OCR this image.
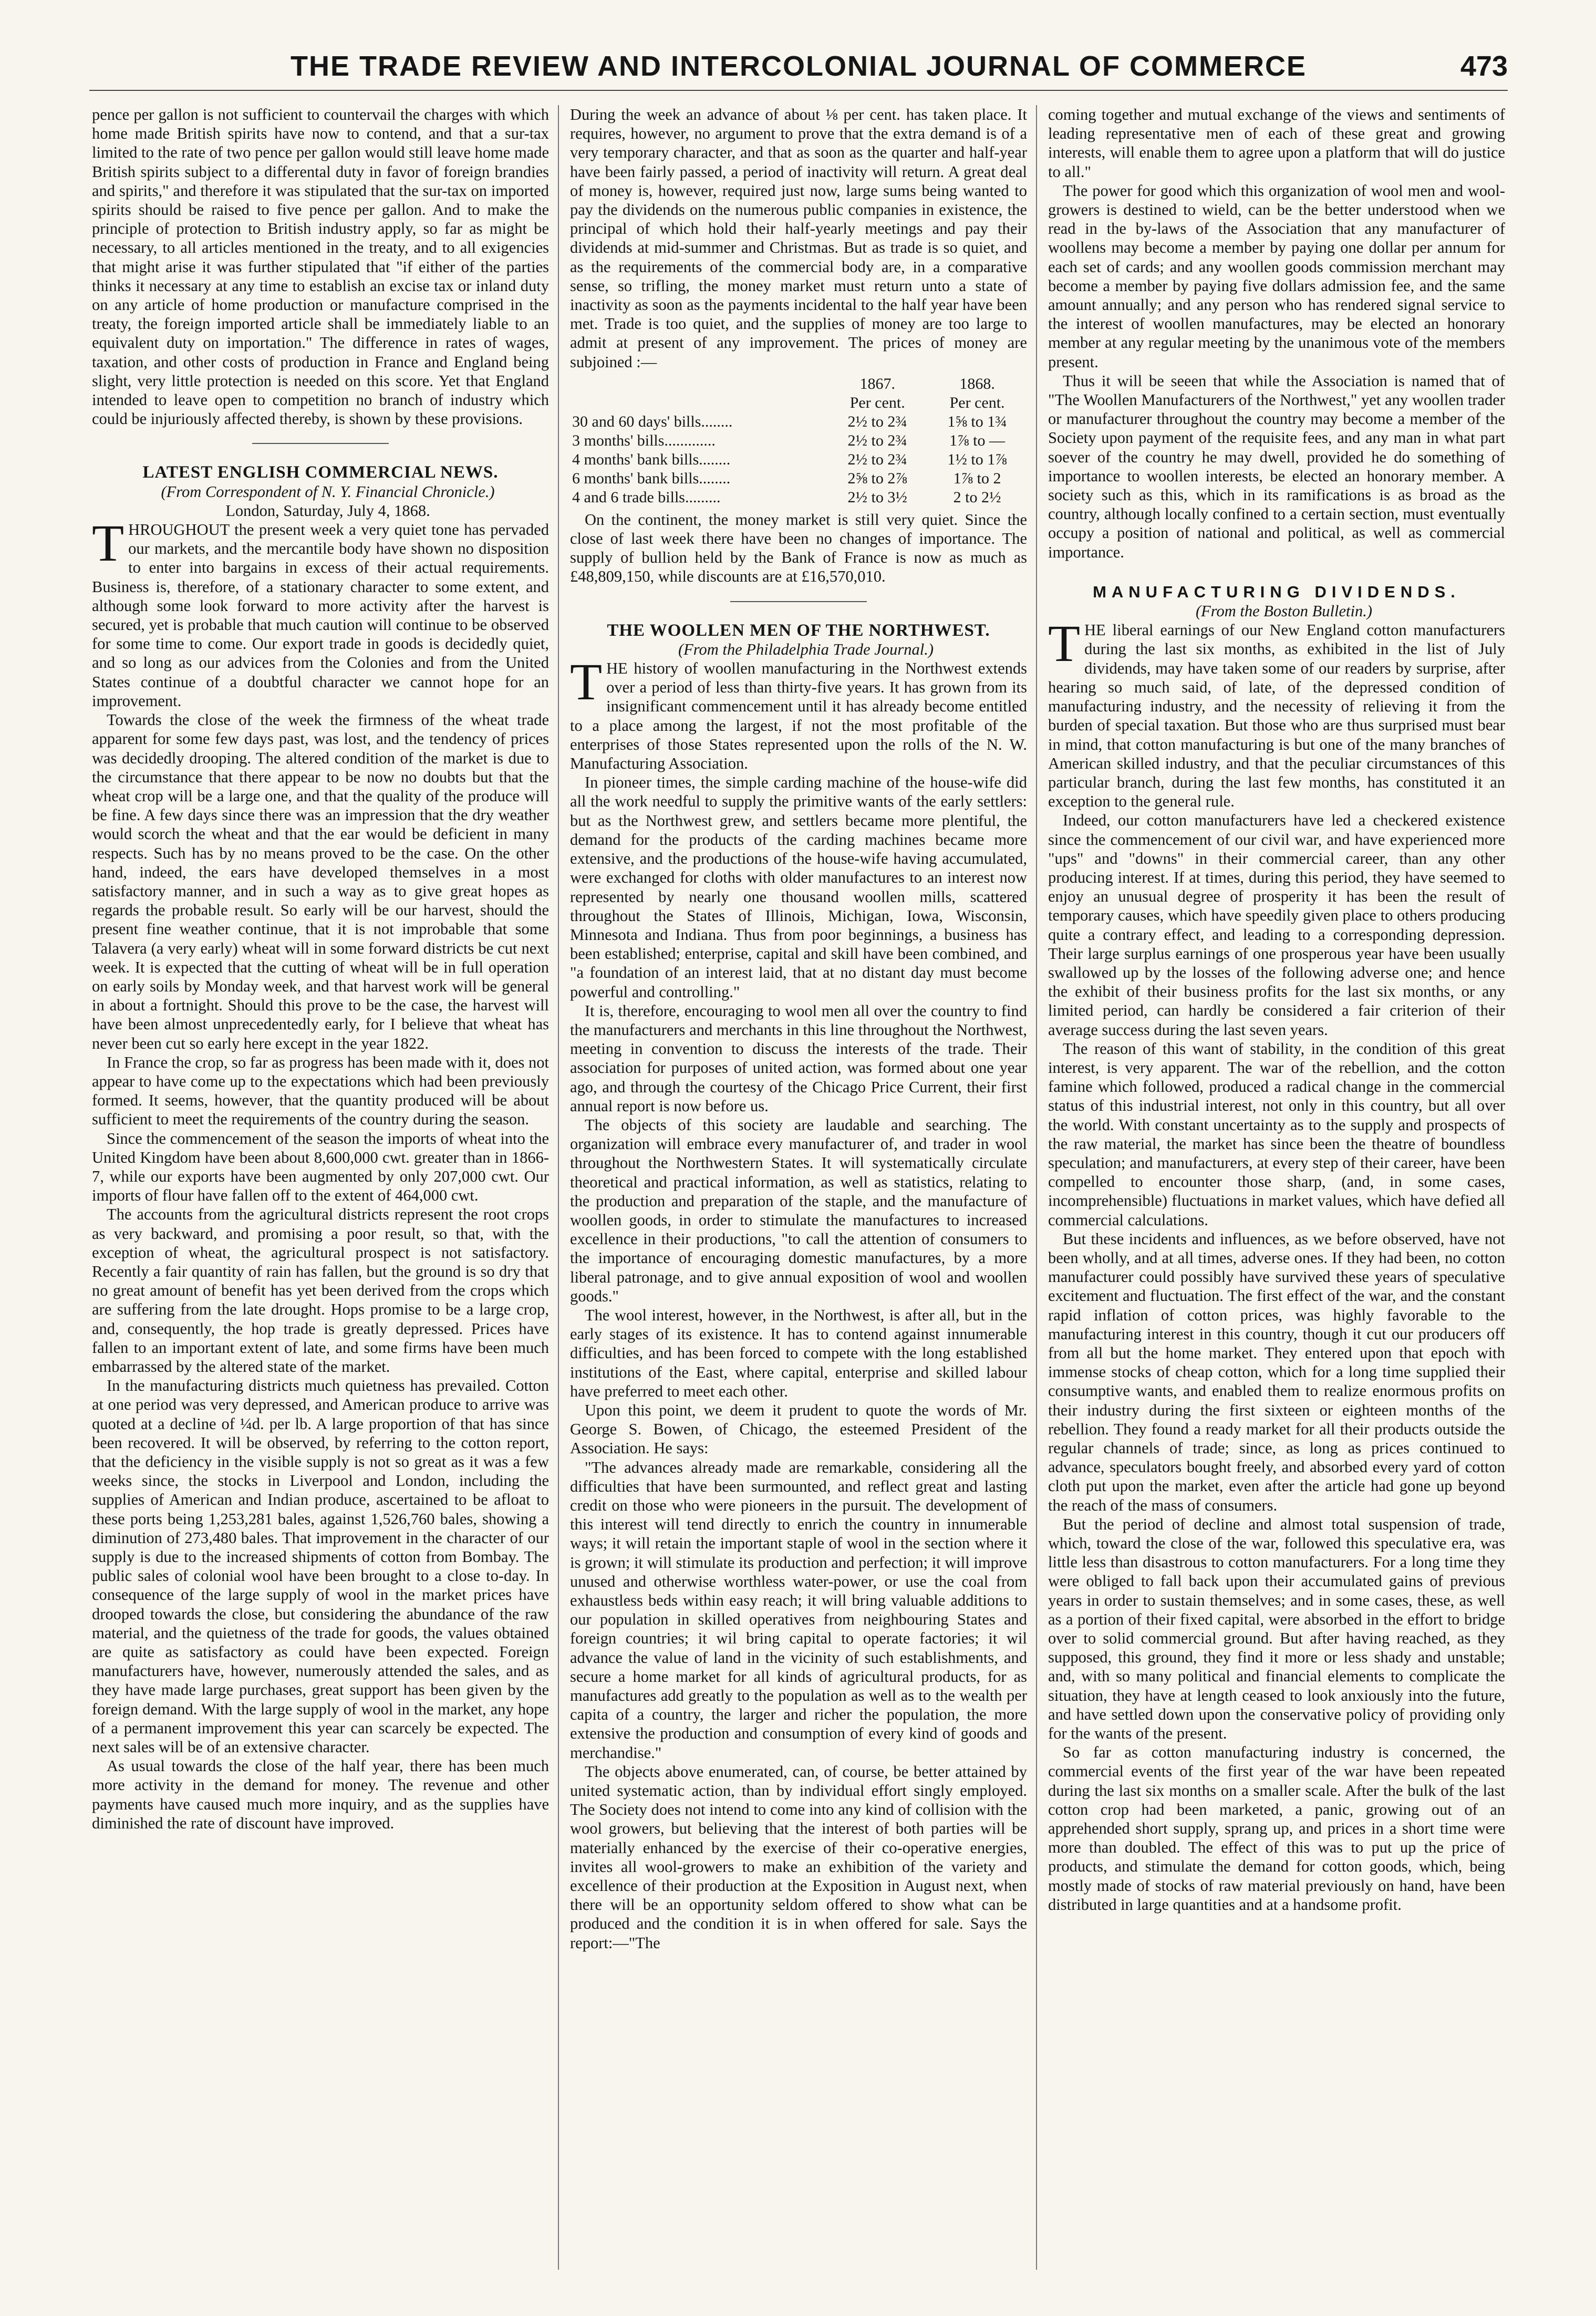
THE TRADE REVIEW AND INTERCOLONIAL JOURNAL OF COMMERCE	473

pence per gallon is not sufficient to countervail the charges with which home made British spirits have now to contend, and that a sur-tax limited to the rate of two pence per gallon would still leave home made British spirits subject to a differental duty in favor of foreign brandies and spirits," and therefore it was stipulated that the sur-tax on imported spirits should be raised to five pence per gallon. And to make the principle of protection to British industry apply, so far as might be necessary, to all articles mentioned in the treaty, and to all exigencies that might arise it was further stipulated that "if either of the parties thinks it necessary at any time to establish an excise tax or inland duty on any article of home production or manufacture comprised in the treaty, the foreign imported article shall be immediately liable to an equivalent duty on importation." The difference in rates of wages, taxation, and other costs of production in France and England being slight, very little protection is needed on this score. Yet that England intended to leave open to competition no branch of industry which could be injuriously affected thereby, is shown by these provisions.

LATEST ENGLISH COMMERCIAL NEWS.

(From Correspondent of N. Y. Financial Chronicle.)

London, Saturday, July 4, 1868.

THROUGHOUT the present week a very quiet tone has pervaded our markets, and the mercantile body have shown no disposition to enter into bargains in excess of their actual requirements. Business is, therefore, of a stationary character to some extent, and although some look forward to more activity after the harvest is secured, yet is probable that much caution will continue to be observed for some time to come. Our export trade in goods is decidedly quiet, and so long as our advices from the Colonies and from the United States continue of a doubtful character we cannot hope for an improvement.

Towards the close of the week the firmness of the wheat trade apparent for some few days past, was lost, and the tendency of prices was decidedly drooping. The altered condition of the market is due to the circumstance that there appear to be now no doubts but that the wheat crop will be a large one, and that the quality of the produce will be fine. A few days since there was an impression that the dry weather would scorch the wheat and that the ear would be deficient in many respects. Such has by no means proved to be the case. On the other hand, indeed, the ears have developed themselves in a most satisfactory manner, and in such a way as to give great hopes as regards the probable result. So early will be our harvest, should the present fine weather continue, that it is not improbable that some Talavera (a very early) wheat will in some forward districts be cut next week. It is expected that the cutting of wheat will be in full operation on early soils by Monday week, and that harvest work will be general in about a fortnight. Should this prove to be the case, the harvest will have been almost unprecedentedly early, for I believe that wheat has never been cut so early here except in the year 1822.

In France the crop, so far as progress has been made with it, does not appear to have come up to the expectations which had been previously formed. It seems, however, that the quantity produced will be about sufficient to meet the requirements of the country during the season.

Since the commencement of the season the imports of wheat into the United Kingdom have been about 8,600,000 cwt. greater than in 1866-7, while our exports have been augmented by only 207,000 cwt. Our imports of flour have fallen off to the extent of 464,000 cwt.

The accounts from the agricultural districts represent the root crops as very backward, and promising a poor result, so that, with the exception of wheat, the agricultural prospect is not satisfactory. Recently a fair quantity of rain has fallen, but the ground is so dry that no great amount of benefit has yet been derived from the crops which are suffering from the late drought. Hops promise to be a large crop, and, consequently, the hop trade is greatly depressed. Prices have fallen to an important extent of late, and some firms have been much embarrassed by the altered state of the market.

In the manufacturing districts much quietness has prevailed. Cotton at one period was very depressed, and American produce to arrive was quoted at a decline of ¼d. per lb. A large proportion of that has since been recovered. It will be observed, by referring to the cotton report, that the deficiency in the visible supply is not so great as it was a few weeks since, the stocks in Liverpool and London, including the supplies of American and Indian produce, ascertained to be afloat to these ports being 1,253,281 bales, against 1,526,760 bales, showing a diminution of 273,480 bales. That improvement in the character of our supply is due to the increased shipments of cotton from Bombay. The public sales of colonial wool have been brought to a close to-day. In consequence of the large supply of wool in the market prices have drooped towards the close, but considering the abundance of the raw material, and the quietness of the trade for goods, the values obtained are quite as satisfactory as could have been expected. Foreign manufacturers have, however, numerously attended the sales, and as they have made large purchases, great support has been given by the foreign demand. With the large supply of wool in the market, any hope of a permanent improvement this year can scarcely be expected. The next sales will be of an extensive character.

As usual towards the close of the half year, there has been much more activity in the demand for money. The revenue and other payments have caused much more inquiry, and as the supplies have diminished the rate of discount have improved.

During the week an advance of about ⅛ per cent. has taken place. It requires, however, no argument to prove that the extra demand is of a very temporary character, and that as soon as the quarter and half-year have been fairly passed, a period of inactivity will return. A great deal of money is, however, required just now, large sums being wanted to pay the dividends on the numerous public companies in existence, the principal of which hold their half-yearly meetings and pay their dividends at mid-summer and Christmas. But as trade is so quiet, and as the requirements of the commercial body are, in a comparative sense, so trifling, the money market must return unto a state of inactivity as soon as the payments incidental to the half year have been met. Trade is too quiet, and the supplies of money are too large to admit at present of any improvement. The prices of money are subjoined :—

	1867.	1868.
	Per cent.	Per cent.
30 and 60 days' bills........	2½ to 2¾	1⅝ to 1¾
3 months' bills.............	2½ to 2¾	1⅞ to —
4 months' bank bills........	2½ to 2¾	1½ to 1⅞
6 months' bank bills........	2⅝ to 2⅞	1⅞ to 2
4 and 6 trade bills.........	2½ to 3½	2 to 2½

On the continent, the money market is still very quiet. Since the close of last week there have been no changes of importance. The supply of bullion held by the Bank of France is now as much as £48,809,150, while discounts are at £16,570,010.

THE WOOLLEN MEN OF THE NORTHWEST.

(From the Philadelphia Trade Journal.)

THE history of woollen manufacturing in the Northwest extends over a period of less than thirty-five years. It has grown from its insignificant commencement until it has already become entitled to a place among the largest, if not the most profitable of the enterprises of those States represented upon the rolls of the N. W. Manufacturing Association.

In pioneer times, the simple carding machine of the house-wife did all the work needful to supply the primitive wants of the early settlers: but as the Northwest grew, and settlers became more plentiful, the demand for the products of the carding machines became more extensive, and the productions of the house-wife having accumulated, were exchanged for cloths with older manufactures to an interest now represented by nearly one thousand woollen mills, scattered throughout the States of Illinois, Michigan, Iowa, Wisconsin, Minnesota and Indiana. Thus from poor beginnings, a business has been established; enterprise, capital and skill have been combined, and "a foundation of an interest laid, that at no distant day must become powerful and controlling."

It is, therefore, encouraging to wool men all over the country to find the manufacturers and merchants in this line throughout the Northwest, meeting in convention to discuss the interests of the trade. Their association for purposes of united action, was formed about one year ago, and through the courtesy of the Chicago Price Current, their first annual report is now before us.

The objects of this society are laudable and searching. The organization will embrace every manufacturer of, and trader in wool throughout the Northwestern States. It will systematically circulate theoretical and practical information, as well as statistics, relating to the production and preparation of the staple, and the manufacture of woollen goods, in order to stimulate the manufactures to increased excellence in their productions, "to call the attention of consumers to the importance of encouraging domestic manufactures, by a more liberal patronage, and to give annual exposition of wool and woollen goods."

The wool interest, however, in the Northwest, is after all, but in the early stages of its existence. It has to contend against innumerable difficulties, and has been forced to compete with the long established institutions of the East, where capital, enterprise and skilled labour have preferred to meet each other.

Upon this point, we deem it prudent to quote the words of Mr. George S. Bowen, of Chicago, the esteemed President of the Association. He says:

"The advances already made are remarkable, considering all the difficulties that have been surmounted, and reflect great and lasting credit on those who were pioneers in the pursuit. The development of this interest will tend directly to enrich the country in innumerable ways; it will retain the important staple of wool in the section where it is grown; it will stimulate its production and perfection; it will improve unused and otherwise worthless water-power, or use the coal from exhaustless beds within easy reach; it will bring valuable additions to our population in skilled operatives from neighbouring States and foreign countries; it wil bring capital to operate factories; it wil advance the value of land in the vicinity of such establishments, and secure a home market for all kinds of agricultural products, for as manufactures add greatly to the population as well as to the wealth per capita of a country, the larger and richer the population, the more extensive the production and consumption of every kind of goods and merchandise."

The objects above enumerated, can, of course, be better attained by united systematic action, than by individual effort singly employed. The Society does not intend to come into any kind of collision with the wool growers, but believing that the interest of both parties will be materially enhanced by the exercise of their co-operative energies, invites all wool-growers to make an exhibition of the variety and excellence of their production at the Exposition in August next, when there will be an opportunity seldom offered to show what can be produced and the condition it is in when offered for sale. Says the report:—"The

coming together and mutual exchange of the views and sentiments of leading representative men of each of these great and growing interests, will enable them to agree upon a platform that will do justice to all."

The power for good which this organization of wool men and wool-growers is destined to wield, can be the better understood when we read in the by-laws of the Association that any manufacturer of woollens may become a member by paying one dollar per annum for each set of cards; and any woollen goods commission merchant may become a member by paying five dollars admission fee, and the same amount annually; and any person who has rendered signal service to the interest of woollen manufactures, may be elected an honorary member at any regular meeting by the unanimous vote of the members present.

Thus it will be seeen that while the Association is named that of "The Woollen Manufacturers of the Northwest," yet any woollen trader or manufacturer throughout the country may become a member of the Society upon payment of the requisite fees, and any man in what part soever of the country he may dwell, provided he do something of importance to woollen interests, be elected an honorary member. A society such as this, which in its ramifications is as broad as the country, although locally confined to a certain section, must eventually occupy a position of national and political, as well as commercial importance.

MANUFACTURING DIVIDENDS.

(From the Boston Bulletin.)

THE liberal earnings of our New England cotton manufacturers during the last six months, as exhibited in the list of July dividends, may have taken some of our readers by surprise, after hearing so much said, of late, of the depressed condition of manufacturing industry, and the necessity of relieving it from the burden of special taxation. But those who are thus surprised must bear in mind, that cotton manufacturing is but one of the many branches of American skilled industry, and that the peculiar circumstances of this particular branch, during the last few months, has constituted it an exception to the general rule.

Indeed, our cotton manufacturers have led a checkered existence since the commencement of our civil war, and have experienced more "ups" and "downs" in their commercial career, than any other producing interest. If at times, during this period, they have seemed to enjoy an unusual degree of prosperity it has been the result of temporary causes, which have speedily given place to others producing quite a contrary effect, and leading to a corresponding depression. Their large surplus earnings of one prosperous year have been usually swallowed up by the losses of the following adverse one; and hence the exhibit of their business profits for the last six months, or any limited period, can hardly be considered a fair criterion of their average success during the last seven years.

The reason of this want of stability, in the condition of this great interest, is very apparent. The war of the rebellion, and the cotton famine which followed, produced a radical change in the commercial status of this industrial interest, not only in this country, but all over the world. With constant uncertainty as to the supply and prospects of the raw material, the market has since been the theatre of boundless speculation; and manufacturers, at every step of their career, have been compelled to encounter those sharp, (and, in some cases, incomprehensible) fluctuations in market values, which have defied all commercial calculations.

But these incidents and influences, as we before observed, have not been wholly, and at all times, adverse ones. If they had been, no cotton manufacturer could possibly have survived these years of speculative excitement and fluctuation. The first effect of the war, and the constant rapid inflation of cotton prices, was highly favorable to the manufacturing interest in this country, though it cut our producers off from all but the home market. They entered upon that epoch with immense stocks of cheap cotton, which for a long time supplied their consumptive wants, and enabled them to realize enormous profits on their industry during the first sixteen or eighteen months of the rebellion. They found a ready market for all their products outside the regular channels of trade; since, as long as prices continued to advance, speculators bought freely, and absorbed every yard of cotton cloth put upon the market, even after the article had gone up beyond the reach of the mass of consumers.

But the period of decline and almost total suspension of trade, which, toward the close of the war, followed this speculative era, was little less than disastrous to cotton manufacturers. For a long time they were obliged to fall back upon their accumulated gains of previous years in order to sustain themselves; and in some cases, these, as well as a portion of their fixed capital, were absorbed in the effort to bridge over to solid commercial ground. But after having reached, as they supposed, this ground, they find it more or less shady and unstable; and, with so many political and financial elements to complicate the situation, they have at length ceased to look anxiously into the future, and have settled down upon the conservative policy of providing only for the wants of the present.

So far as cotton manufacturing industry is concerned, the commercial events of the first year of the war have been repeated during the last six months on a smaller scale. After the bulk of the last cotton crop had been marketed, a panic, growing out of an apprehended short supply, sprang up, and prices in a short time were more than doubled. The effect of this was to put up the price of products, and stimulate the demand for cotton goods, which, being mostly made of stocks of raw material previously on hand, have been distributed in large quantities and at a handsome profit.
